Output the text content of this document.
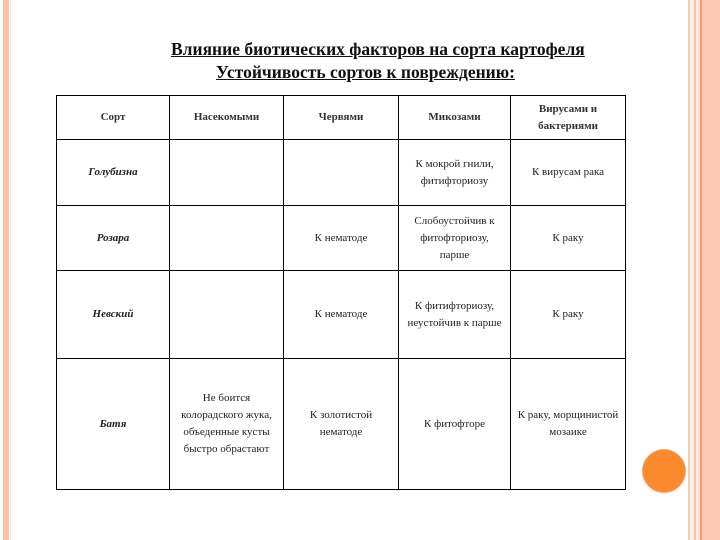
Влияние биотических факторов на сорта картофеля
Устойчивость сортов к повреждению:
Сорт	Насекомыми	Червями	Микозами	Вирусами и бактериями
Голубизна			К мокрой гнили, фитифториозу	К вирусам рака
Розара		К нематоде	Слобоустойчив к фитофториозу, парше	К раку
Невский		К нематоде	К фитифториозу, неустойчив к парше	К раку
Батя	Не боится колорадского жука, объеденные кусты быстро обрастают	К золотистой нематоде	К фитофторе	К раку, морщинистой мозаике
